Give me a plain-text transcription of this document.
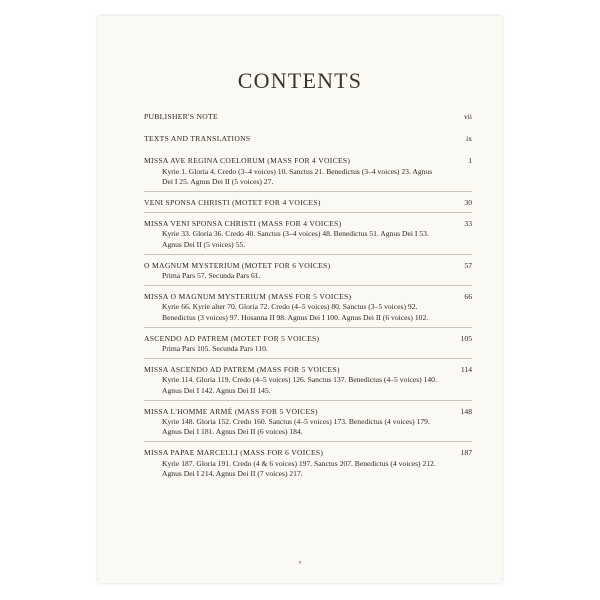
CONTENTS
PUBLISHER'S NOTE	vii
TEXTS AND TRANSLATIONS	ix
MISSA AVE REGINA COELORUM (MASS FOR 4 VOICES)	1
Kyrie 1. Gloria 4. Credo (3–4 voices) 10. Sanctus 21. Benedictus (3–4 voices) 23. Agnus Dei I 25. Agnus Dei II (5 voices) 27.
VENI SPONSA CHRISTI (MOTET FOR 4 VOICES)	30
MISSA VENI SPONSA CHRISTI (MASS FOR 4 VOICES)	33
Kyrie 33. Gloria 36. Credo 40. Sanctus (3–4 voices) 48. Benedictus 51. Agnus Dei I 53. Agnus Dei II (5 voices) 55.
O MAGNUM MYSTERIUM (MOTET FOR 6 VOICES)	57
Prima Pars 57. Secunda Pars 61.
MISSA O MAGNUM MYSTERIUM (MASS FOR 5 VOICES)	66
Kyrie 66. Kyrie alter 70. Gloria 72. Credo (4–5 voices) 80. Sanctus (3–5 voices) 92. Benedictus (3 voices) 97. Hosanna II 98. Agnus Dei I 100. Agnus Dei II (6 voices) 102.
ASCENDO AD PATREM (MOTET FOR 5 VOICES)	105
Prima Pars 105. Secunda Pars 110.
MISSA ASCENDO AD PATREM (MASS FOR 5 VOICES)	114
Kyrie 114. Gloria 119. Credo (4–5 voices) 126. Sanctus 137. Benedictus (4–5 voices) 140. Agnus Dei I 142. Agnus Dei II 145.
MISSA L'HOMME ARMÉ (MASS FOR 5 VOICES)	148
Kyrie 148. Gloria 152. Credo 160. Sanctus (4–5 voices) 173. Benedictus (4 voices) 179. Agnus Dei I 181. Agnus Dei II (6 voices) 184.
MISSA PAPAE MARCELLI (MASS FOR 6 VOICES)	187
Kyrie 187. Gloria 191. Credo (4 & 6 voices) 197. Sanctus 207. Benedictus (4 voices) 212. Agnus Dei I 214. Agnus Dei II (7 voices) 217.
v
